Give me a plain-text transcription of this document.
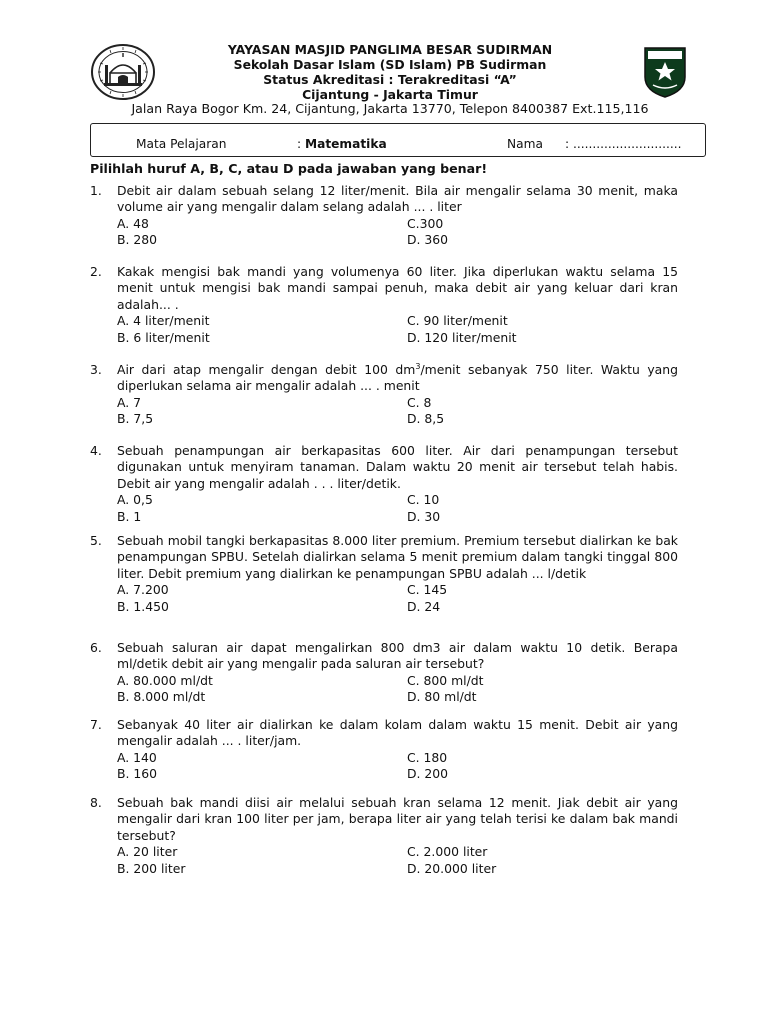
YAYASAN MASJID PANGLIMA BESAR SUDIRMAN
Sekolah Dasar Islam (SD Islam) PB Sudirman
Status Akreditasi : Terakreditasi “A”
Cijantung - Jakarta Timur
Jalan Raya Bogor Km. 24, Cijantung, Jakarta 13770, Telepon 8400387 Ext.115,116
Mata Pelajaran	: Matematika	Nama : ............................
Pilihlah huruf A, B, C, atau D pada jawaban yang benar!
1. Debit air dalam sebuah selang 12 liter/menit. Bila air mengalir selama 30 menit, maka volume air yang mengalir dalam selang adalah ... . liter
A. 48	C.300
B. 280	D. 360
2. Kakak mengisi bak mandi yang volumenya 60 liter. Jika diperlukan waktu selama 15 menit untuk mengisi bak mandi sampai penuh, maka debit air yang keluar dari kran adalah... .
A. 4 liter/menit	C. 90 liter/menit
B. 6 liter/menit	D. 120 liter/menit
3. Air dari atap mengalir dengan debit 100 $dm^3$/menit sebanyak 750 liter. Waktu yang diperlukan selama air mengalir adalah ... . menit
A. 7	C. 8
B. 7,5	D. 8,5
4. Sebuah penampungan air berkapasitas 600 liter. Air dari penampungan tersebut digunakan untuk menyiram tanaman. Dalam waktu 20 menit air tersebut telah habis. Debit air yang mengalir adalah . . . liter/detik.
A. 0,5	C. 10
B. 1	D. 30
5. Sebuah mobil tangki berkapasitas 8.000 liter premium. Premium tersebut dialirkan ke bak penampungan SPBU. Setelah dialirkan selama 5 menit premium dalam tangki tinggal 800 liter. Debit premium yang dialirkan ke penampungan SPBU adalah ... l/detik
A. 7.200	C. 145
B. 1.450	D. 24
6. Sebuah saluran air dapat mengalirkan 800 dm3 air dalam waktu 10 detik. Berapa ml/detik debit air yang mengalir pada saluran air tersebut?
A. 80.000 ml/dt	C. 800 ml/dt
B. 8.000 ml/dt	D. 80 ml/dt
7. Sebanyak 40 liter air dialirkan ke dalam kolam dalam waktu 15 menit. Debit air yang mengalir adalah ... . liter/jam.
A. 140	C. 180
B. 160	D. 200
8. Sebuah bak mandi diisi air melalui sebuah kran selama 12 menit. Jiak debit air yang mengalir dari kran 100 liter per jam, berapa liter air yang telah terisi ke dalam bak mandi tersebut?
A. 20 liter	C. 2.000 liter
B. 200 liter	D. 20.000 liter
